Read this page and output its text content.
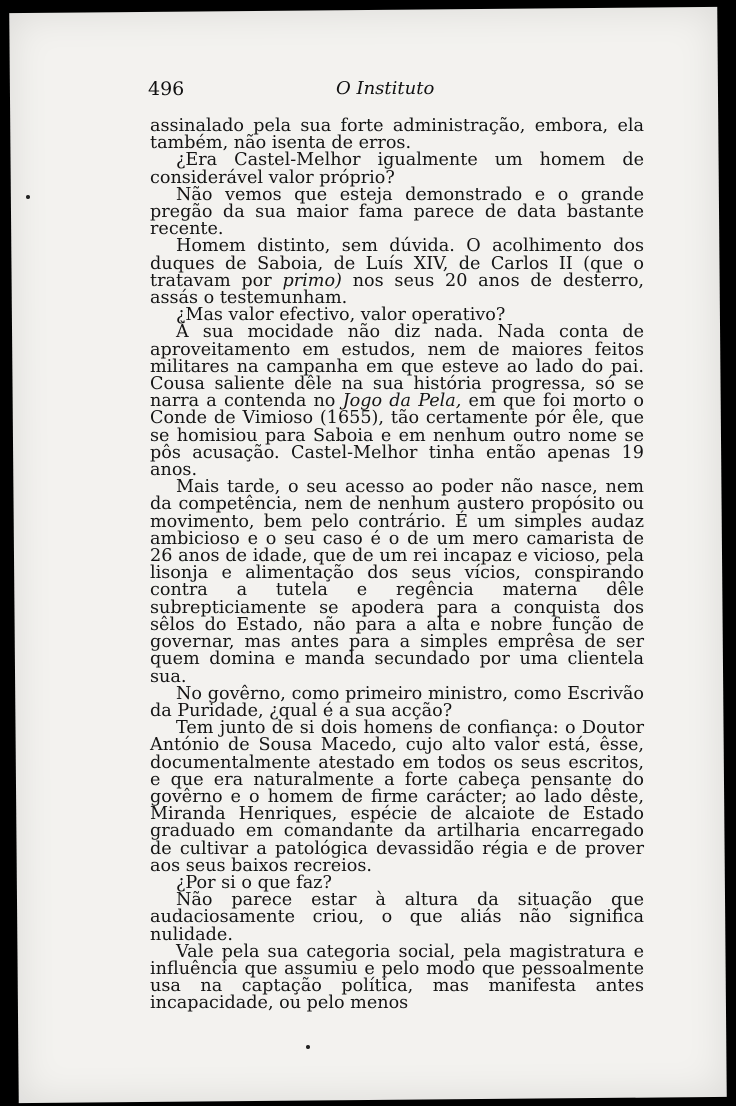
496	O Instituto

assinalado pela sua forte administração, embora, ela também, não isenta de erros.

¿Era Castel-Melhor igualmente um homem de considerável valor próprio?

Não vemos que esteja demonstrado e o grande pregão da sua maior fama parece de data bastante recente.

Homem distinto, sem dúvida. O acolhimento dos duques de Saboia, de Luís XIV, de Carlos II (que o tratavam por primo) nos seus 20 anos de desterro, assás o testemunham.

¿Mas valor efectivo, valor operativo?

À sua mocidade não diz nada. Nada conta de aproveitamento em estudos, nem de maiores feitos militares na campanha em que esteve ao lado do pai. Cousa saliente dêle na sua história progressa, só se narra a contenda no Jogo da Pela, em que foi morto o Conde de Vimioso (1655), tão certamente pór êle, que se homisiou para Saboia e em nenhum outro nome se pôs acusação. Castel-Melhor tinha então apenas 19 anos.

Mais tarde, o seu acesso ao poder não nasce, nem da competência, nem de nenhum austero propósito ou movimento, bem pelo contrário. É um simples audaz ambicioso e o seu caso é o de um mero camarista de 26 anos de idade, que de um rei incapaz e vicioso, pela lisonja e alimentação dos seus vícios, conspirando contra a tutela e regência materna dêle subrepticiamente se apodera para a conquista dos sêlos do Estado, não para a alta e nobre função de governar, mas antes para a simples emprêsa de ser quem domina e manda secundado por uma clientela sua.

No govêrno, como primeiro ministro, como Escrivão da Puridade, ¿qual é a sua acção?

Tem junto de si dois homens de confiança: o Doutor António de Sousa Macedo, cujo alto valor está, êsse, documentalmente atestado em todos os seus escritos, e que era naturalmente a forte cabeça pensante do govêrno e o homem de firme carácter; ao lado dêste, Miranda Henriques, espécie de alcaiote de Estado graduado em comandante da artilharia encarregado de cultivar a patológica devassidão régia e de prover aos seus baixos recreios.

¿Por si o que faz?

Não parece estar à altura da situação que audaciosamente criou, o que aliás não significa nulidade.

Vale pela sua categoria social, pela magistratura e influência que assumiu e pelo modo que pessoalmente usa na captação política, mas manifesta antes incapacidade, ou pelo menos
